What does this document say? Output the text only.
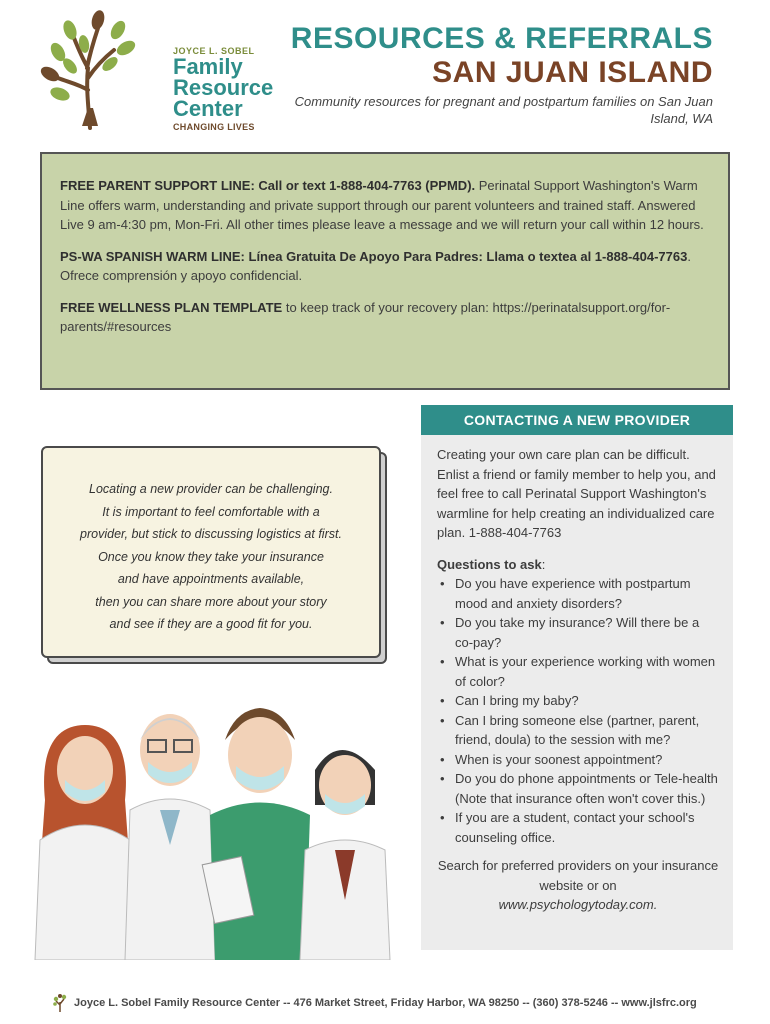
JOYCE L. SOBEL
Family
Resource
Center
CHANGING LIVES
RESOURCES & REFERRALS
SAN JUAN ISLAND
Community resources for pregnant and postpartum families on San Juan Island, WA

FREE PARENT SUPPORT LINE: Call or text 1-888-404-7763 (PPMD). Perinatal Support Washington's Warm Line offers warm, understanding and private support through our parent volunteers and trained staff. Answered Live 9 am-4:30 pm, Mon-Fri. All other times please leave a message and we will return your call within 12 hours.

PS-WA SPANISH WARM LINE: Línea Gratuita De Apoyo Para Padres: Llama o textea al 1-888-404-7763. Ofrece comprensión y apoyo confidencial.

FREE WELLNESS PLAN TEMPLATE to keep track of your recovery plan: https://perinatalsupport.org/for-parents/#resources

Locating a new provider can be challenging.
It is important to feel comfortable with a
provider, but stick to discussing logistics at first.
Once you know they take your insurance
and have appointments available,
then you can share more about your story
and see if they are a good fit for you.
CONTACTING A NEW PROVIDER
Creating your own care plan can be difficult. Enlist a friend or family member to help you, and feel free to call Perinatal Support Washington's warmline for help creating an individualized care plan. 1-888-404-7763
Questions to ask:
• Do you have experience with postpartum mood and anxiety disorders?
• Do you take my insurance? Will there be a co-pay?
• What is your experience working with women of color?
• Can I bring my baby?
• Can I bring someone else (partner, parent, friend, doula) to the session with me?
• When is your soonest appointment?
• Do you do phone appointments or Tele-health (Note that insurance often won't cover this.)
• If you are a student, contact your school's counseling office.
Search for preferred providers on your insurance website or on
www.psychologytoday.com.
Joyce L. Sobel Family Resource Center -- 476 Market Street, Friday Harbor, WA 98250 -- (360) 378-5246 -- www.jlsfrc.org
